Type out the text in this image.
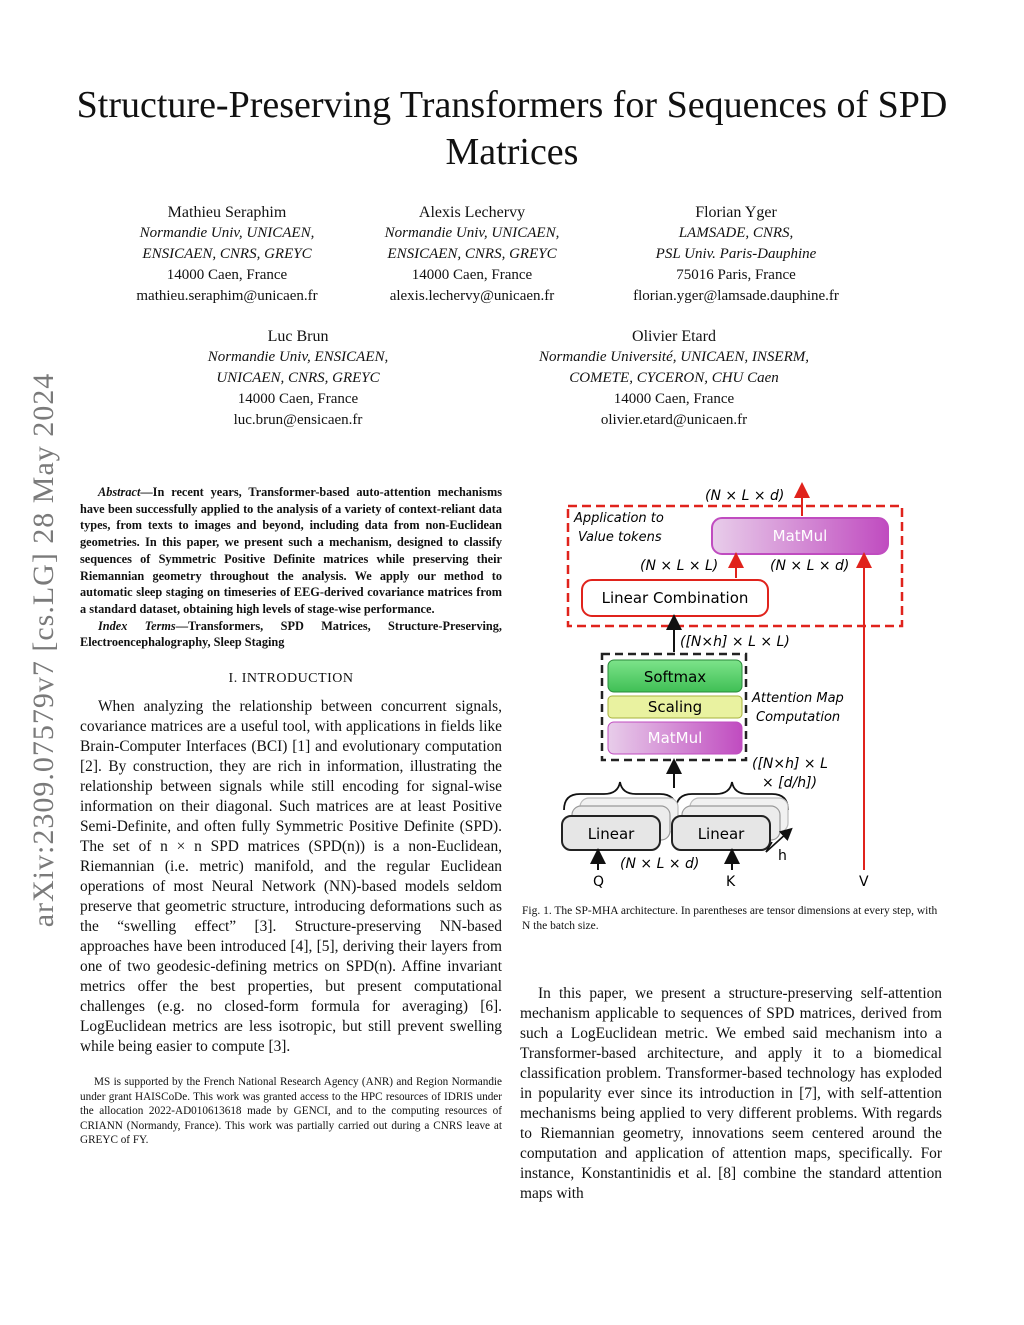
arXiv:2309.07579v7 [cs.LG] 28 May 2024
Structure-Preserving Transformers for Sequences of SPD Matrices
Mathieu Seraphim
Normandie Univ, UNICAEN,
ENSICAEN, CNRS, GREYC
14000 Caen, France
mathieu.seraphim@unicaen.fr
Alexis Lechervy
Normandie Univ, UNICAEN,
ENSICAEN, CNRS, GREYC
14000 Caen, France
alexis.lechervy@unicaen.fr
Florian Yger
LAMSADE, CNRS,
PSL Univ. Paris-Dauphine
75016 Paris, France
florian.yger@lamsade.dauphine.fr
Luc Brun
Normandie Univ, ENSICAEN,
UNICAEN, CNRS, GREYC
14000 Caen, France
luc.brun@ensicaen.fr
Olivier Etard
Normandie Université, UNICAEN, INSERM,
COMETE, CYCERON, CHU Caen
14000 Caen, France
olivier.etard@unicaen.fr
Abstract—In recent years, Transformer-based auto-attention mechanisms have been successfully applied to the analysis of a variety of context-reliant data types, from texts to images and beyond, including data from non-Euclidean geometries. In this paper, we present such a mechanism, designed to classify sequences of Symmetric Positive Definite matrices while preserving their Riemannian geometry throughout the analysis. We apply our method to automatic sleep staging on timeseries of EEG-derived covariance matrices from a standard dataset, obtaining high levels of stage-wise performance.
Index Terms—Transformers, SPD Matrices, Structure-Preserving, Electroencephalography, Sleep Staging
I. INTRODUCTION

When analyzing the relationship between concurrent signals, covariance matrices are a useful tool, with applications in fields like Brain-Computer Interfaces (BCI) [1] and evolutionary computation [2]. By construction, they are rich in information, illustrating the relationship between signals while still encoding for signal-wise information on their diagonal. Such matrices are at least Positive Semi-Definite, and often fully Symmetric Positive Definite (SPD). The set of n × n SPD matrices (SPD(n)) is a non-Euclidean, Riemannian (i.e. metric) manifold, and the regular Euclidean operations of most Neural Network (NN)-based models seldom preserve that geometric structure, introducing deformations such as the “swelling effect” [3]. Structure-preserving NN-based approaches have been introduced [4], [5], deriving their layers from one of two geodesic-defining metrics on SPD(n). Affine invariant metrics offer the best properties, but present computational challenges (e.g. no closed-form formula for averaging) [6]. LogEuclidean metrics are less isotropic, but still prevent swelling while being easier to compute [3].

MS is supported by the French National Research Agency (ANR) and Region Normandie under grant HAISCoDe. This work was granted access to the HPC resources of IDRIS under the allocation 2022-AD010613618 made by GENCI, and to the computing resources of CRIANN (Normandy, France). This work was partially carried out during a CNRS leave at GREYC of FY.
Application to
Value tokens
(N × L × d)
MatMul
Linear Combination
(N × L × L)	(N × L × d)
Attention Map
Computation
([N×h] × L × L)
Softmax
Scaling
MatMul
([N×h] × L
× [d/h])
Linear	Linear
h
(N × L × d)
Q	K	V
Fig. 1. The SP-MHA architecture. In parentheses are tensor dimensions at every step, with N the batch size.

In this paper, we present a structure-preserving self-attention mechanism applicable to sequences of SPD matrices, derived from such a LogEuclidean metric. We embed said mechanism into a Transformer-based architecture, and apply it to a biomedical classification problem. Transformer-based technology has exploded in popularity ever since its introduction in [7], with self-attention mechanisms being applied to very different problems. With regards to Riemannian geometry, innovations seem centered around the computation and application of attention maps, specifically. For instance, Konstantinidis et al. [8] combine the standard attention maps with
